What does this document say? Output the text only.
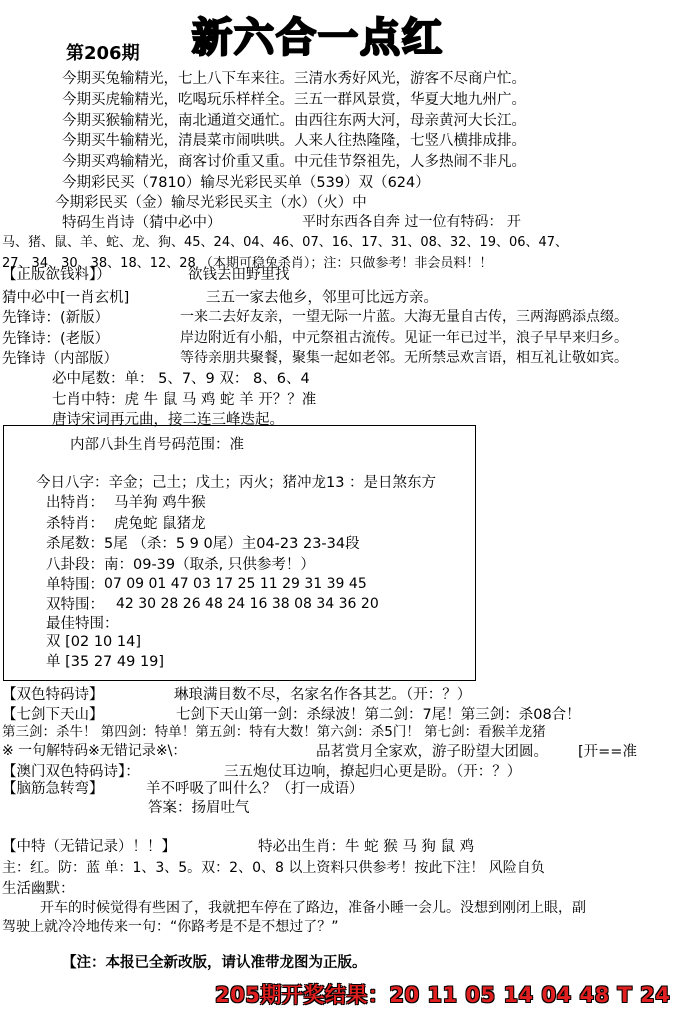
第206期 新六合一点红
今期买兔输精光，七上八下车来往。三清水秀好风光，游客不尽商户忙。
今期买虎输精光，吃喝玩乐样样全。三五一群风景赏，华夏大地九州广。
今期买猴输精光，南北通道交通忙。由西往东两大河，母亲黄河大长江。
今期买牛输精光，清晨菜市闹哄哄。人来人往热隆隆，七竖八横排成排。
今期买鸡输精光，商客讨价重又重。中元佳节祭祖先，人多热闹不非凡。
今期彩民买（7810）输尽光彩民买单（539）双（624）
今期彩民买（金）输尽光彩民买主（水）（火）中
特码生肖诗（猜中必中）	平时东西各自奔 过一位有特码： 开
马、猪、鼠、羊、蛇、龙、狗、45、24、04、46、07、16、17、31、08、32、19、06、47、
27、34、30、38、18、12、28 （本期可稳兔杀肖）；注：只做参考！非会员料！！
【正版欲钱料】）	欲钱去田野里找
猜中必中[一肖玄机]	三五一家去他乡，邻里可比远方亲。
先锋诗：(新版）	一来二去好友亲，一望无际一片蓝。大海无量自古传，三两海鸥添点缀。
先锋诗：(老版）	岸边附近有小船，中元祭祖古流传。见证一年已过半，浪子早早来归乡。
先锋诗（内部版）	等待亲朋共聚餐，聚集一起如老邻。无所禁忌欢言语，相互礼让敬如宾。
必中尾数：单： 5、7、9 双： 8、6、4
七肖中特：虎 牛 鼠 马 鸡 蛇 羊 开？？准
唐诗宋词再元曲，接二连三峰迭起。
内部八卦生肖号码范围：准
今日八字：辛金；己土；戊土；丙火；猪冲龙13 ：是日煞东方
出特肖： 马羊狗 鸡牛猴
杀特肖： 虎兔蛇 鼠猪龙
杀尾数： 5尾 （杀：5 9 0尾）主04-23 23-34段
八卦段： 南：09-39（取杀, 只供参考！）
单特围： 07 09 01 47 03 17 25 11 29 31 39 45
双特围： 42 30 28 26 48 24 16 38 08 34 36 20
最佳特围：
双 [02 10 14]
单 [35 27 49 19]
【双色特码诗】	琳琅满目数不尽，名家名作各其艺。（开：？）
【七剑下天山】	七剑下天山第一剑：杀绿波！第二剑：7尾！第三剑：杀08合！
第三剑：杀牛！ 第四剑：特单！第五剑：特有大数！第六剑：杀5门！ 第七剑：看猴羊龙猪
※ 一句解特码※无错记录※\：	品茗赏月全家欢，游子盼望大团圆。 [开==准
【澳门双色特码诗】：	三五炮仗耳边响，撩起归心更是盼。（开：？）
【脑筋急转弯】	羊不呼吸了叫什么？（打一成语）
答案：扬眉吐气
【中特（无错记录）！！】	特必出生肖：牛 蛇 猴 马 狗 鼠 鸡
主：红。防：蓝 单：1、3、5。双：2、0、8 以上资料只供参考！按此下注！ 风险自负
生活幽默：
开车的时候觉得有些困了，我就把车停在了路边，准备小睡一会儿。没想到刚闭上眼，副
驾驶上就冷冷地传来一句：“你路考是不是不想过了？”
【注：本报已全新改版，请认准带龙图为正版。
205期开奖结果：20 11 05 14 04 48 T 24
